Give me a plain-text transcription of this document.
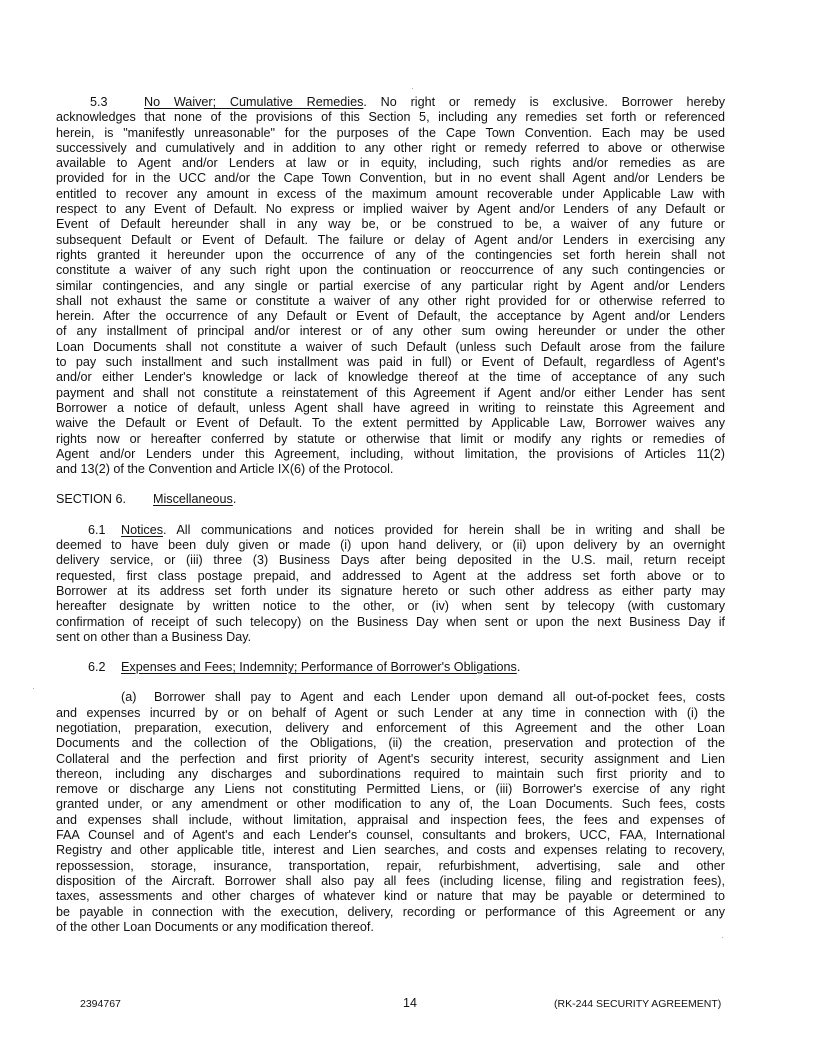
5.3	No Waiver; Cumulative Remedies. No right or remedy is exclusive. Borrower hereby
acknowledges that none of the provisions of this Section 5, including any remedies set forth or referenced
herein, is "manifestly unreasonable" for the purposes of the Cape Town Convention. Each may be used
successively and cumulatively and in addition to any other right or remedy referred to above or otherwise
available to Agent and/or Lenders at law or in equity, including, such rights and/or remedies as are
provided for in the UCC and/or the Cape Town Convention, but in no event shall Agent and/or Lenders be
entitled to recover any amount in excess of the maximum amount recoverable under Applicable Law with
respect to any Event of Default. No express or implied waiver by Agent and/or Lenders of any Default or
Event of Default hereunder shall in any way be, or be construed to be, a waiver of any future or
subsequent Default or Event of Default. The failure or delay of Agent and/or Lenders in exercising any
rights granted it hereunder upon the occurrence of any of the contingencies set forth herein shall not
constitute a waiver of any such right upon the continuation or reoccurrence of any such contingencies or
similar contingencies, and any single or partial exercise of any particular right by Agent and/or Lenders
shall not exhaust the same or constitute a waiver of any other right provided for or otherwise referred to
herein. After the occurrence of any Default or Event of Default, the acceptance by Agent and/or Lenders
of any installment of principal and/or interest or of any other sum owing hereunder or under the other
Loan Documents shall not constitute a waiver of such Default (unless such Default arose from the failure
to pay such installment and such installment was paid in full) or Event of Default, regardless of Agent's
and/or either Lender's knowledge or lack of knowledge thereof at the time of acceptance of any such
payment and shall not constitute a reinstatement of this Agreement if Agent and/or either Lender has sent
Borrower a notice of default, unless Agent shall have agreed in writing to reinstate this Agreement and
waive the Default or Event of Default. To the extent permitted by Applicable Law, Borrower waives any
rights now or hereafter conferred by statute or otherwise that limit or modify any rights or remedies of
Agent and/or Lenders under this Agreement, including, without limitation, the provisions of Articles 11(2)
and 13(2) of the Convention and Article IX(6) of the Protocol.
SECTION 6. Miscellaneous.
6.1 Notices. All communications and notices provided for herein shall be in writing and shall be
deemed to have been duly given or made (i) upon hand delivery, or (ii) upon delivery by an overnight
delivery service, or (iii) three (3) Business Days after being deposited in the U.S. mail, return receipt
requested, first class postage prepaid, and addressed to Agent at the address set forth above or to
Borrower at its address set forth under its signature hereto or such other address as either party may
hereafter designate by written notice to the other, or (iv) when sent by telecopy (with customary
confirmation of receipt of such telecopy) on the Business Day when sent or upon the next Business Day if
sent on other than a Business Day.
6.2 Expenses and Fees; Indemnity; Performance of Borrower's Obligations.
(a) Borrower shall pay to Agent and each Lender upon demand all out-of-pocket fees, costs
and expenses incurred by or on behalf of Agent or such Lender at any time in connection with (i) the
negotiation, preparation, execution, delivery and enforcement of this Agreement and the other Loan
Documents and the collection of the Obligations, (ii) the creation, preservation and protection of the
Collateral and the perfection and first priority of Agent's security interest, security assignment and Lien
thereon, including any discharges and subordinations required to maintain such first priority and to
remove or discharge any Liens not constituting Permitted Liens, or (iii) Borrower's exercise of any right
granted under, or any amendment or other modification to any of, the Loan Documents. Such fees, costs
and expenses shall include, without limitation, appraisal and inspection fees, the fees and expenses of
FAA Counsel and of Agent's and each Lender's counsel, consultants and brokers, UCC, FAA, International
Registry and other applicable title, interest and Lien searches, and costs and expenses relating to recovery,
repossession, storage, insurance, transportation, repair, refurbishment, advertising, sale and other
disposition of the Aircraft. Borrower shall also pay all fees (including license, filing and registration fees),
taxes, assessments and other charges of whatever kind or nature that may be payable or determined to
be payable in connection with the execution, delivery, recording or performance of this Agreement or any
of the other Loan Documents or any modification thereof.
2394767	14	(RK-244 SECURITY AGREEMENT)
